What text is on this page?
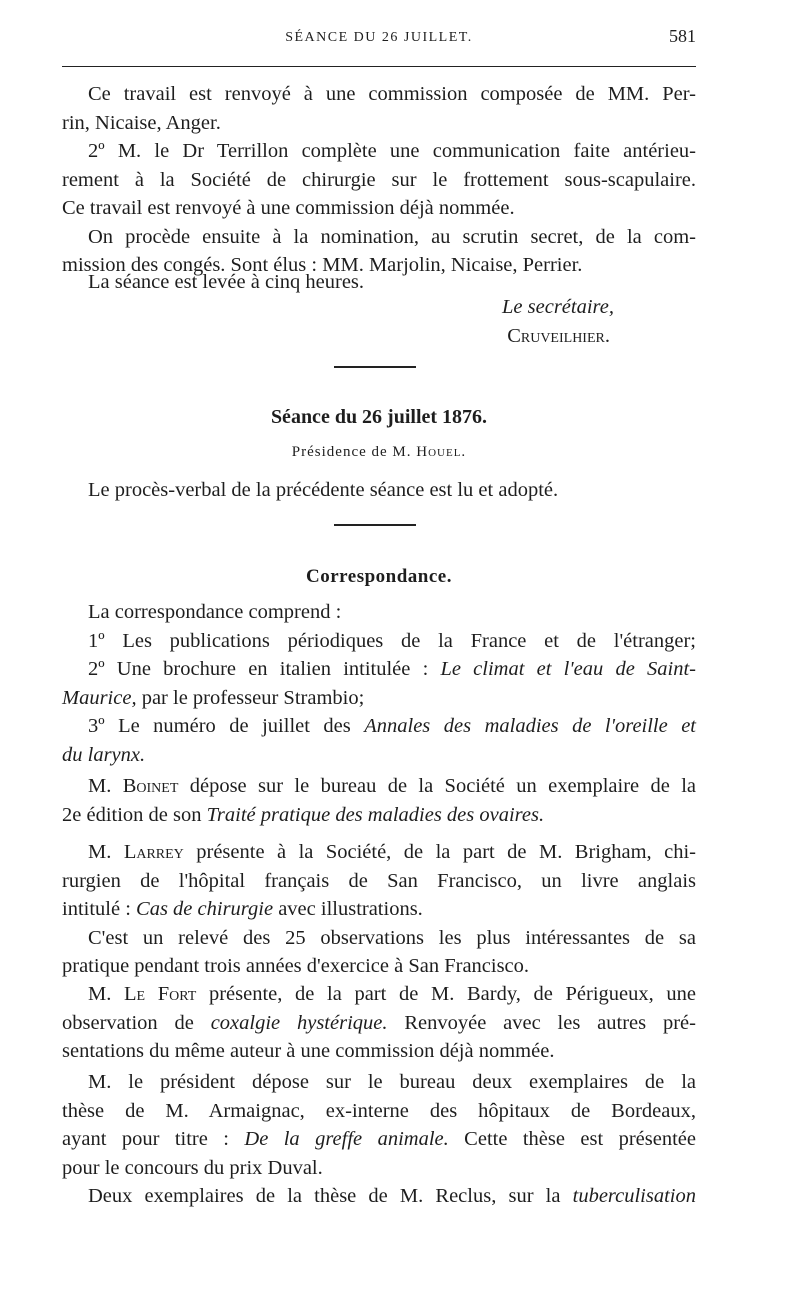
SÉANCE DU 26 JUILLET.	581
Ce travail est renvoyé à une commission composée de MM. Per-
rin, Nicaise, Anger.
2º M. le Dr Terrillon complète une communication faite antérieu-
rement à la Société de chirurgie sur le frottement sous-scapulaire.
Ce travail est renvoyé à une commission déjà nommée.
On procède ensuite à la nomination, au scrutin secret, de la com-
mission des congés. Sont élus : MM. Marjolin, Nicaise, Perrier.
La séance est levée à cinq heures.
Le secrétaire,
Cruveilhier.
Séance du 26 juillet 1876.
Présidence de M. Houel.
Le procès-verbal de la précédente séance est lu et adopté.
Correspondance.
La correspondance comprend :
1º Les publications périodiques de la France et de l'étranger;
2º Une brochure en italien intitulée : Le climat et l'eau de Saint-
Maurice, par le professeur Strambio;
3º Le numéro de juillet des Annales des maladies de l'oreille et
du larynx.
M. Boinet dépose sur le bureau de la Société un exemplaire de la
2e édition de son Traité pratique des maladies des ovaires.
M. Larrey présente à la Société, de la part de M. Brigham, chi-
rurgien de l'hôpital français de San Francisco, un livre anglais
intitulé : Cas de chirurgie avec illustrations.
C'est un relevé des 25 observations les plus intéressantes de sa
pratique pendant trois années d'exercice à San Francisco.
M. Le Fort présente, de la part de M. Bardy, de Périgueux, une
observation de coxalgie hystérique. Renvoyée avec les autres pré-
sentations du même auteur à une commission déjà nommée.
M. le président dépose sur le bureau deux exemplaires de la
thèse de M. Armaignac, ex-interne des hôpitaux de Bordeaux,
ayant pour titre : De la greffe animale. Cette thèse est présentée
pour le concours du prix Duval.
Deux exemplaires de la thèse de M. Reclus, sur la tuberculisation
